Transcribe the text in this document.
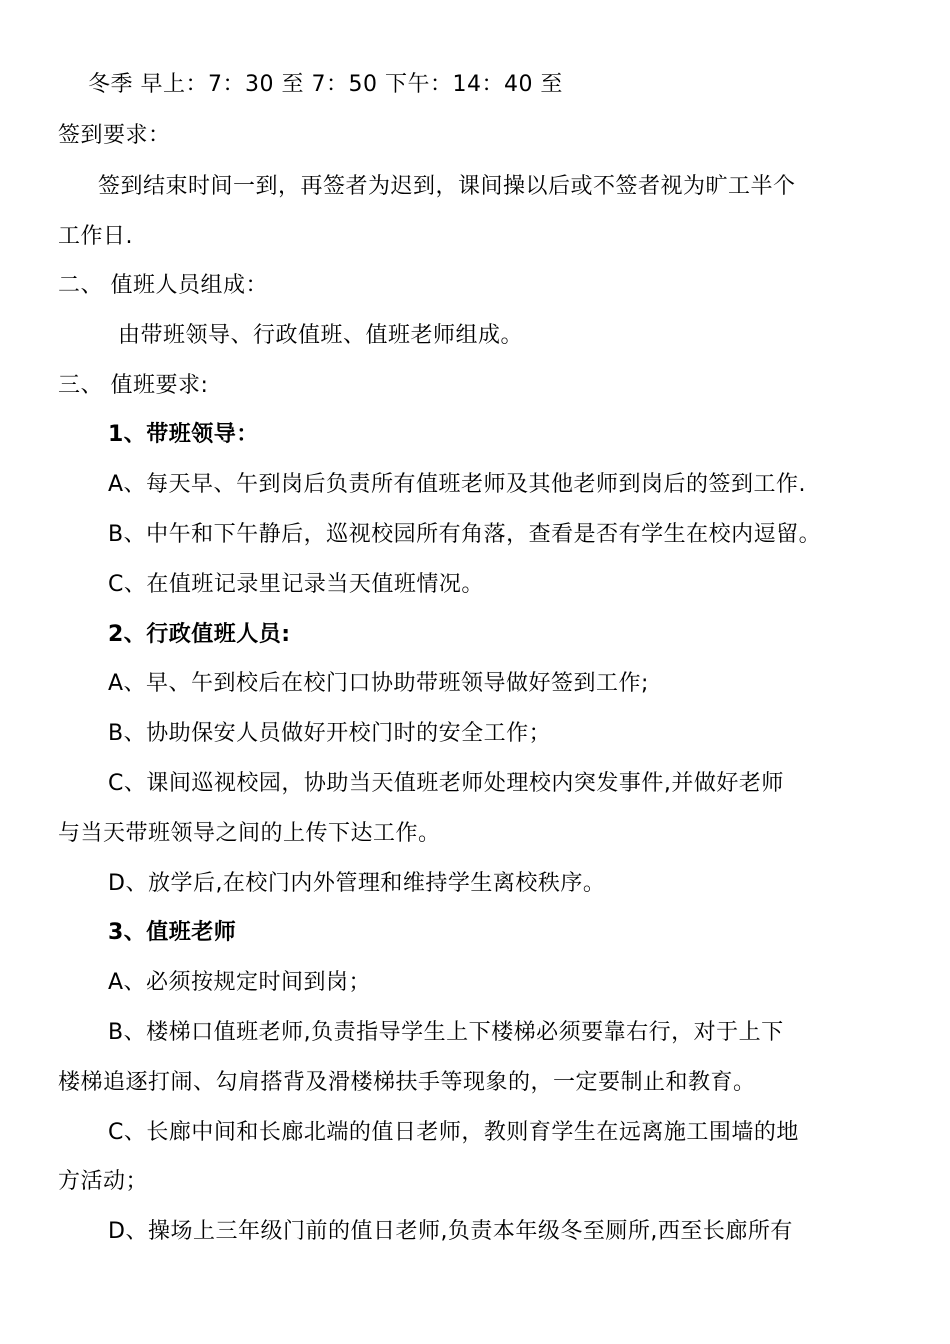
冬季 早上：7：30 至 7：50 下午：14：40 至
签到要求：
签到结束时间一到，再签者为迟到，课间操以后或不签者视为旷工半个
工作日.
二、 值班人员组成：
由带班领导、行政值班、值班老师组成。
三、 值班要求:
1、带班领导：
A、每天早、午到岗后负责所有值班老师及其他老师到岗后的签到工作.
B、中午和下午静后，巡视校园所有角落，查看是否有学生在校内逗留。
C、在值班记录里记录当天值班情况。
2、行政值班人员:
A、早、午到校后在校门口协助带班领导做好签到工作;
B、协助保安人员做好开校门时的安全工作；
C、课间巡视校园，协助当天值班老师处理校内突发事件,并做好老师
与当天带班领导之间的上传下达工作。
D、放学后,在校门内外管理和维持学生离校秩序。
3、值班老师
A、必须按规定时间到岗；
B、楼梯口值班老师,负责指导学生上下楼梯必须要靠右行，对于上下
楼梯追逐打闹、勾肩搭背及滑楼梯扶手等现象的，一定要制止和教育。
C、长廊中间和长廊北端的值日老师，教则育学生在远离施工围墙的地
方活动；
D、操场上三年级门前的值日老师,负责本年级冬至厕所,西至长廊所有
